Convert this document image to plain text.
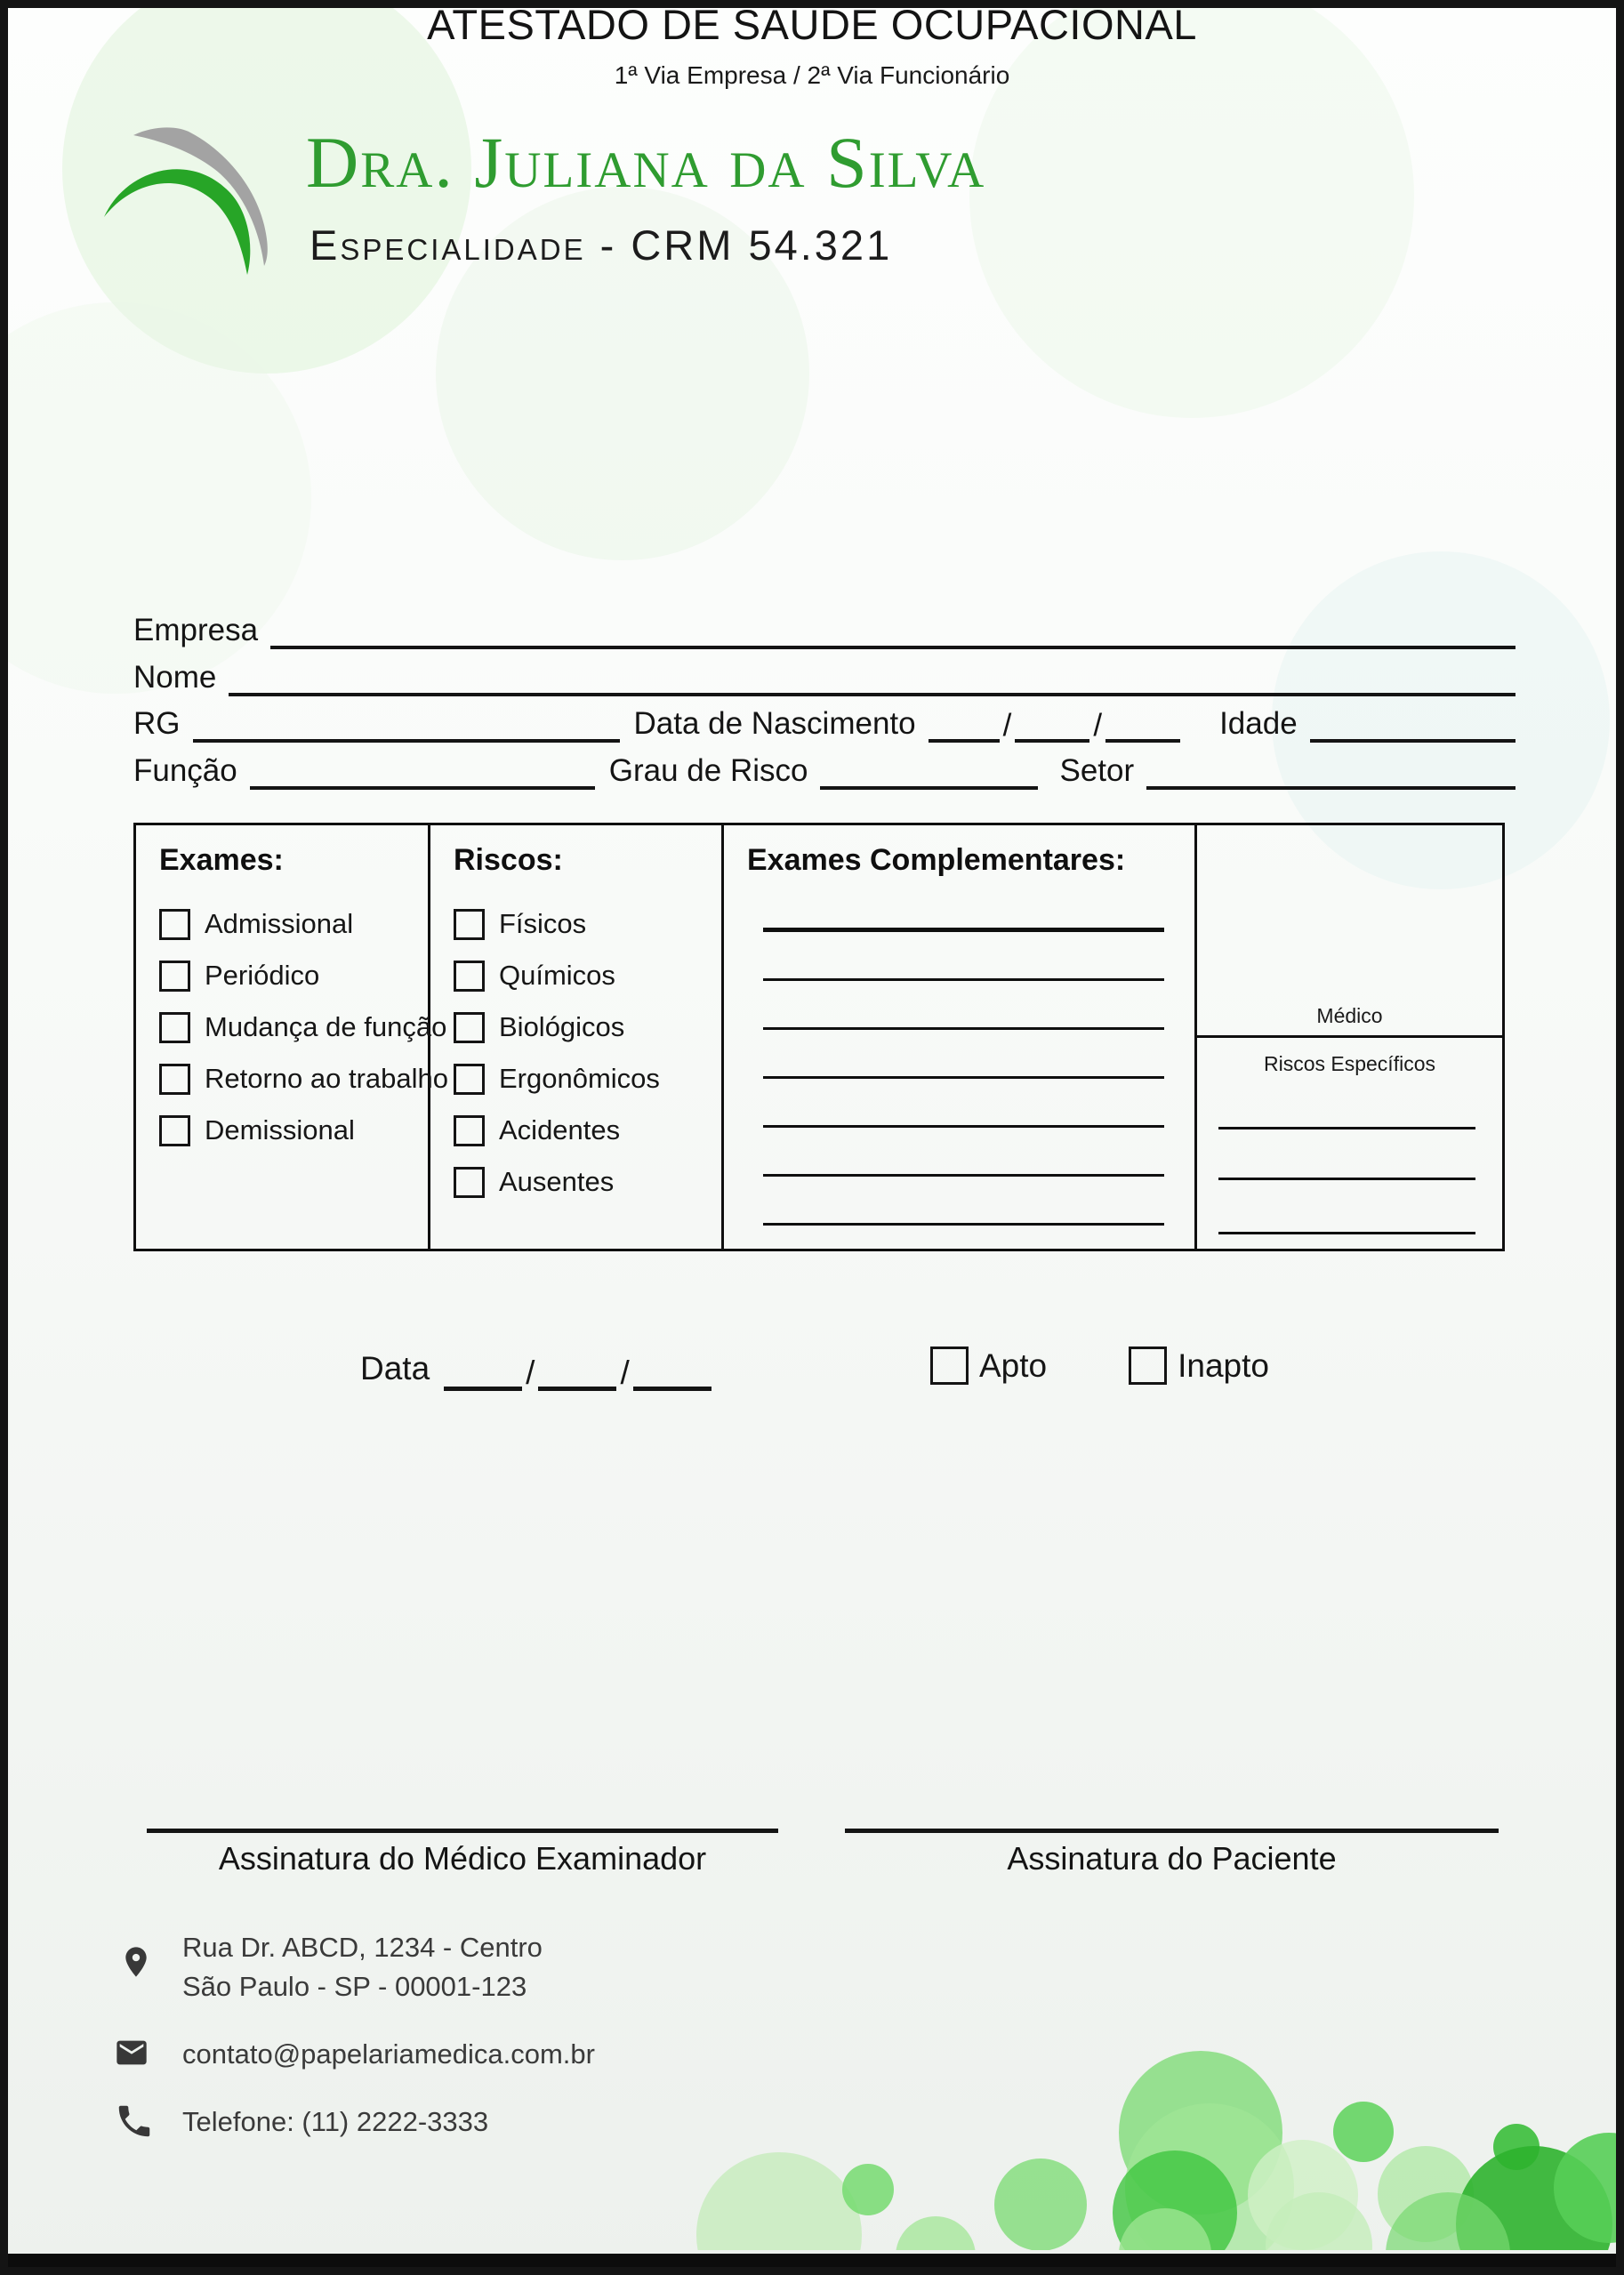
Dra. Juliana da Silva
Especialidade - CRM 54.321
ATESTADO DE SAÚDE OCUPACIONAL
1ª Via Empresa / 2ª Via Funcionário
Empresa
Nome
RG	Data de Nascimento	/	/	Idade
Função	Grau de Risco	Setor
Exames:
Admissional
Periódico
Mudança de função
Retorno ao trabalho
Demissional
Riscos:
Físicos
Químicos
Biológicos
Ergonômicos
Acidentes
Ausentes
Exames Complementares:
Médico
Riscos Específicos
Data	/	/	Apto	Inapto
Assinatura do Médico Examinador	Assinatura do Paciente
Rua Dr. ABCD, 1234 - Centro
São Paulo - SP - 00001-123
contato@papelariamedica.com.br
Telefone: (11) 2222-3333
